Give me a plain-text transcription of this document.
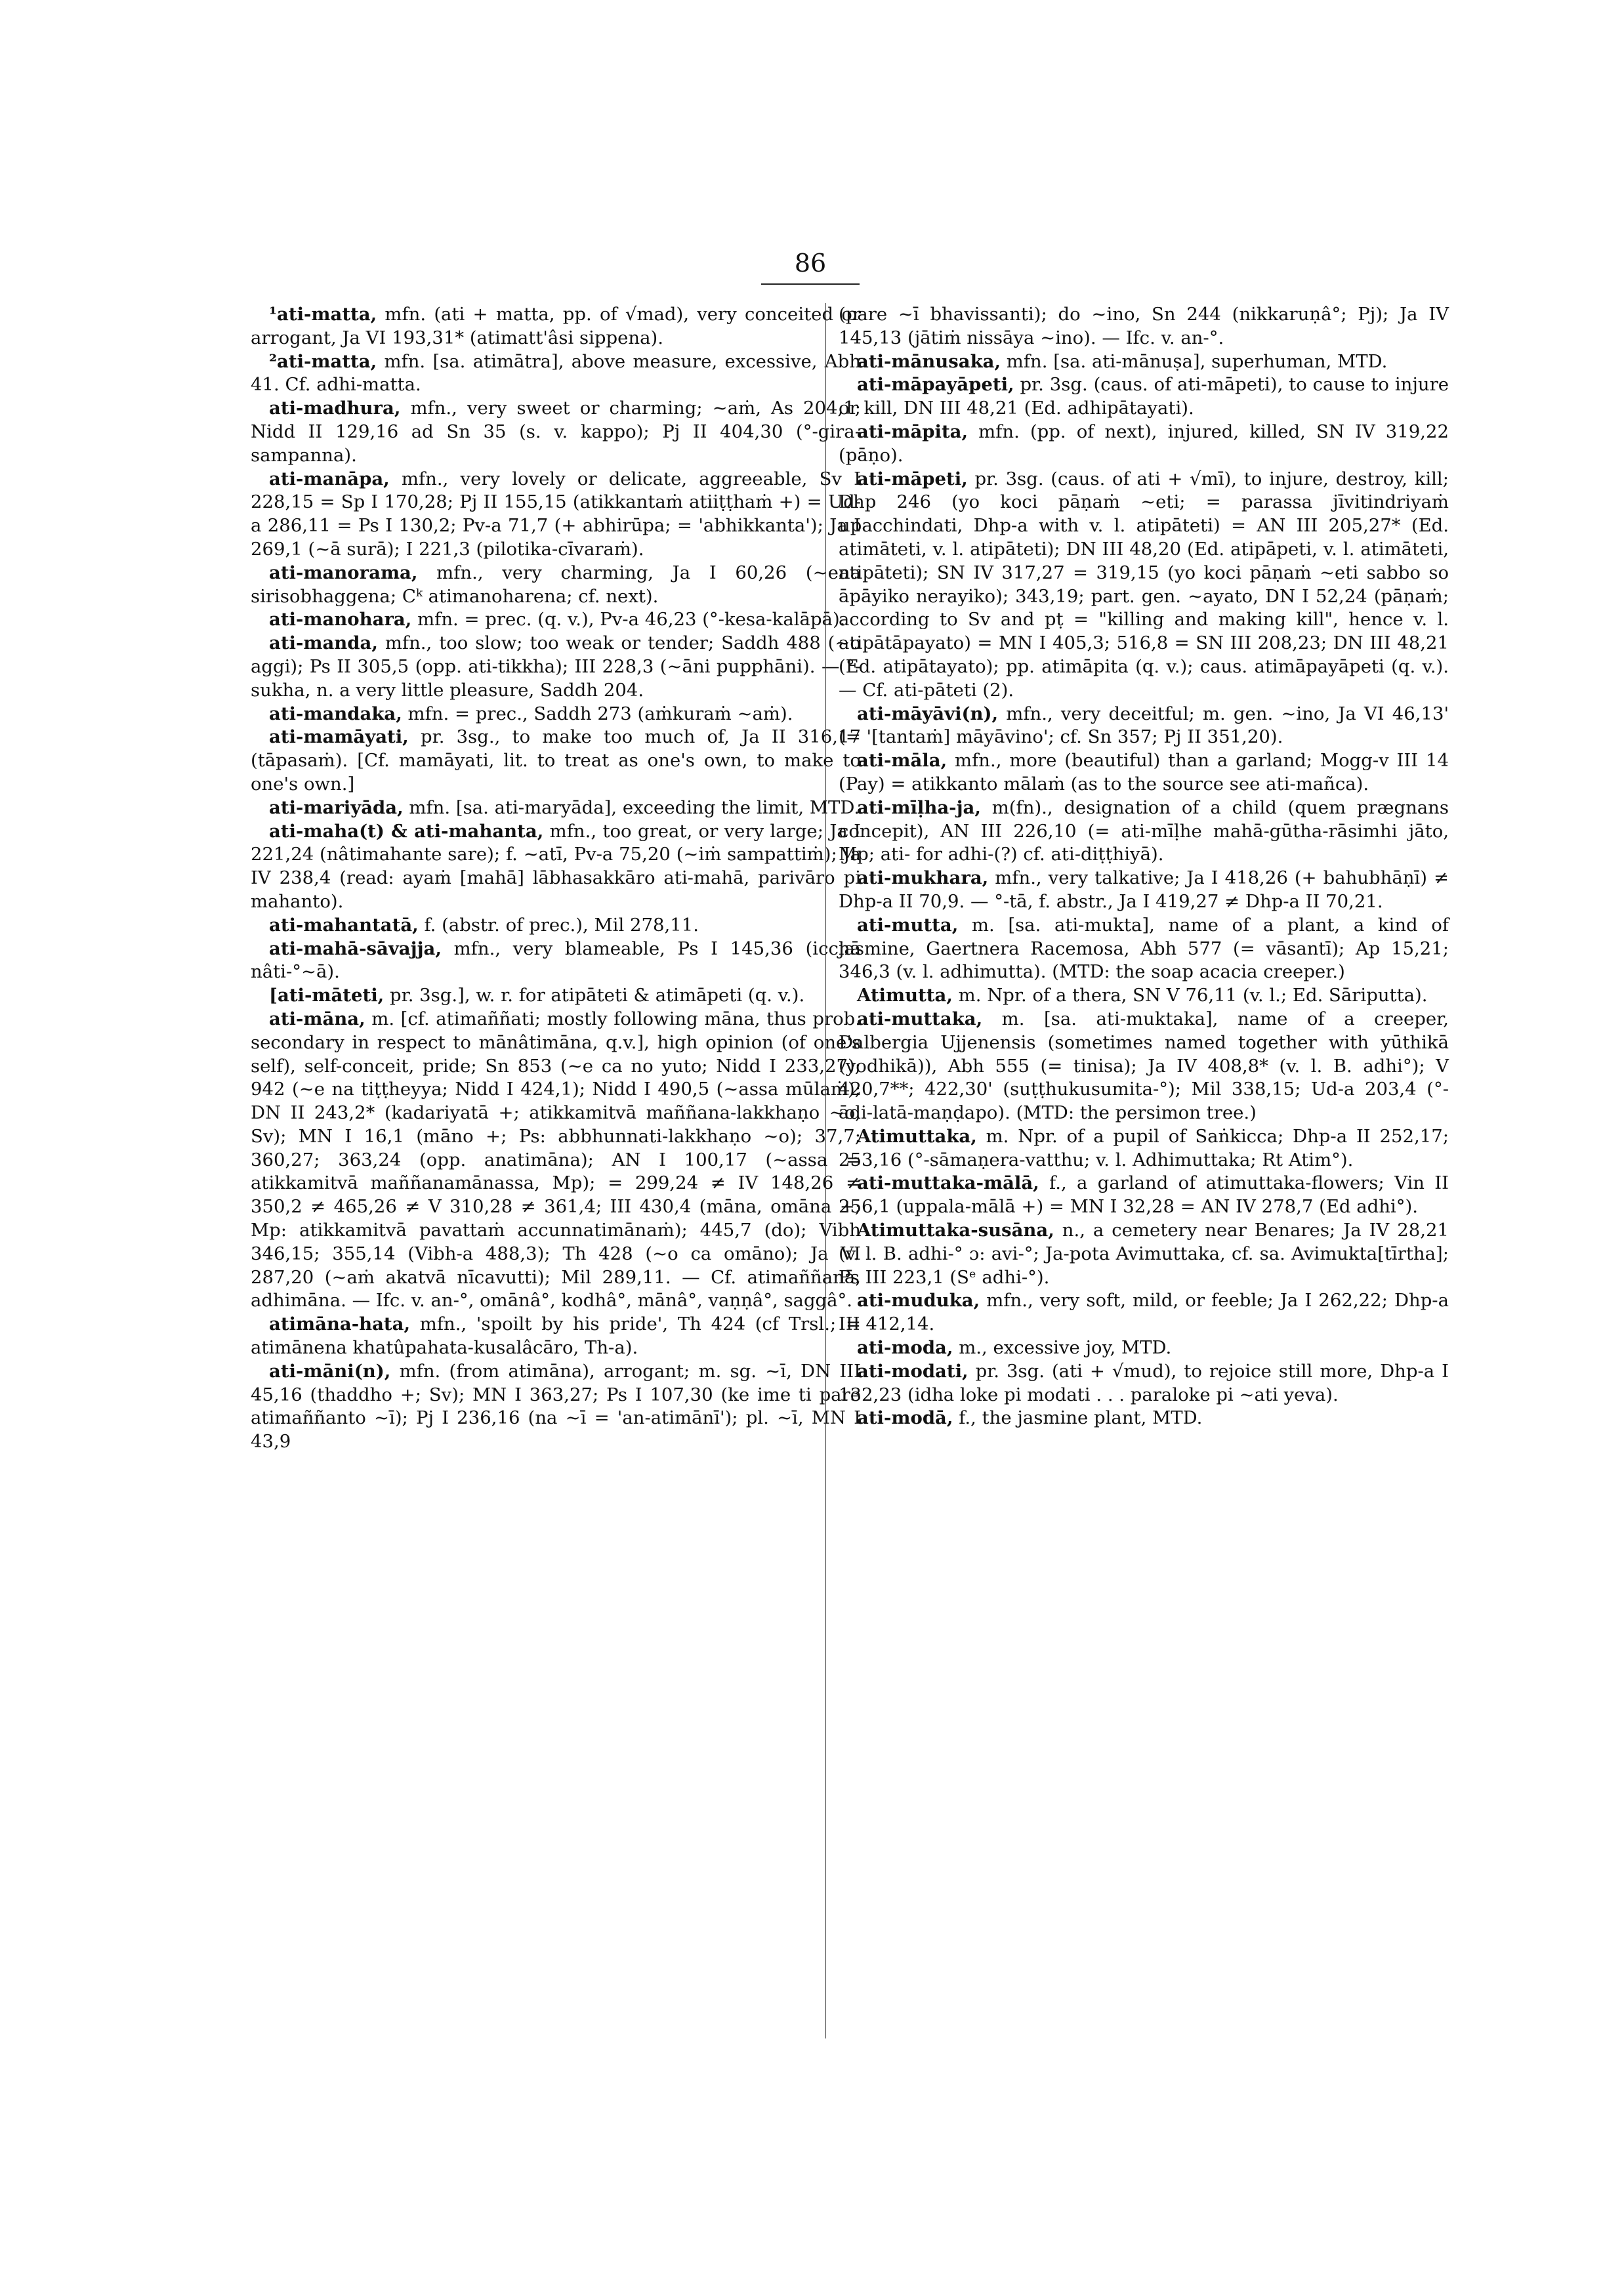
86

¹ati-matta, mfn. (ati + matta, pp. of √mad), very conceited or arrogant, Ja VI 193,31* (atimatt'âsi sippena).

²ati-matta, mfn. [sa. atimātra], above measure, excessive, Abh 41. Cf. adhi-matta.

ati-madhura, mfn., very sweet or charming; ~aṁ, As 204,1; Nidd II 129,16 ad Sn 35 (s. v. kappo); Pj II 404,30 (°-gira-sampanna).

ati-manāpa, mfn., very lovely or delicate, aggreeable, Sv I 228,15 = Sp I 170,28; Pj II 155,15 (atikkantaṁ atiiṭṭhaṁ +) = Ud-a 286,11 = Ps I 130,2; Pv-a 71,7 (+ abhirūpa; = 'abhikkanta'); Ja I 269,1 (~ā surā); I 221,3 (pilotika-cīvaraṁ).

ati-manorama, mfn., very charming, Ja I 60,26 (~ena sirisobhaggena; Cᵏ atimanoharena; cf. next).

ati-manohara, mfn. = prec. (q. v.), Pv-a 46,23 (°-kesa-kalāpā).

ati-manda, mfn., too slow; too weak or tender; Saddh 488 (~o aggi); Ps II 305,5 (opp. ati-tikkha); III 228,3 (~āni pupphāni). — °-sukha, n. a very little pleasure, Saddh 204.

ati-mandaka, mfn. = prec., Saddh 273 (aṁkuraṁ ~aṁ).

ati-mamāyati, pr. 3sg., to make too much of, Ja II 316,17 (tāpasaṁ). [Cf. mamāyati, lit. to treat as one's own, to make to one's own.]

ati-mariyāda, mfn. [sa. ati-maryāda], exceeding the limit, MTD.

ati-maha(t) & ati-mahanta, mfn., too great, or very large; Ja I 221,24 (nâtimahante sare); f. ~atī, Pv-a 75,20 (~iṁ sampattiṁ); Ja IV 238,4 (read: ayaṁ [mahā] lābhasakkāro ati-mahā, parivāro pi mahanto).

ati-mahantatā, f. (abstr. of prec.), Mil 278,11.

ati-mahā-sāvajja, mfn., very blameable, Ps I 145,36 (icchā nâti-°~ā).

[ati-māteti, pr. 3sg.], w. r. for atipāteti & atimāpeti (q. v.).

ati-māna, m. [cf. atimaññati; mostly following māna, thus prob. secondary in respect to mānâtimāna, q.v.], high opinion (of one's self), self-conceit, pride; Sn 853 (~e ca no yuto; Nidd I 233,27); 942 (~e na tiṭṭheyya; Nidd I 424,1); Nidd I 490,5 (~assa mūlaṁ); DN II 243,2* (kadariyatā +; atikkamitvā maññana-lakkhaṇo ~o, Sv); MN I 16,1 (māno +; Ps: abbhunnati-lakkhaṇo ~o); 37,7; 360,27; 363,24 (opp. anatimāna); AN I 100,17 (~assa = atikkamitvā maññanamānassa, Mp); = 299,24 ≠ IV 148,26 ≠ 350,2 ≠ 465,26 ≠ V 310,28 ≠ 361,4; III 430,4 (māna, omāna +; Mp: atikkamitvā pavattaṁ accunnatimānaṁ); 445,7 (do); Vibh 346,15; 355,14 (Vibh-a 488,3); Th 428 (~o ca omāno); Ja VI 287,20 (~aṁ akatvā nīcavutti); Mil 289,11. — Cf. atimaññanā, adhimāna. — Ifc. v. an-°, omānâ°, kodhâ°, mānâ°, vaṇṇâ°, saggâ°.

atimāna-hata, mfn., 'spoilt by his pride', Th 424 (cf Trsl.; = atimānena khatûpahata-kusalâcāro, Th-a).

ati-māni(n), mfn. (from atimāna), arrogant; m. sg. ~ī, DN III 45,16 (thaddho +; Sv); MN I 363,27; Ps I 107,30 (ke ime ti pare atimaññanto ~ī); Pj I 236,16 (na ~ī = 'an-atimānī'); pl. ~ī, MN I 43,9

(pare ~ī bhavissanti); do ~ino, Sn 244 (nikkaruṇâ°; Pj); Ja IV 145,13 (jātiṁ nissāya ~ino). — Ifc. v. an-°.

ati-mānusaka, mfn. [sa. ati-mānuṣa], superhuman, MTD.

ati-māpayāpeti, pr. 3sg. (caus. of ati-māpeti), to cause to injure or kill, DN III 48,21 (Ed. adhipātayati).

ati-māpita, mfn. (pp. of next), injured, killed, SN IV 319,22 (pāṇo).

ati-māpeti, pr. 3sg. (caus. of ati + √mī), to injure, destroy, kill; Dhp 246 (yo koci pāṇaṁ ~eti; = parassa jīvitindriyaṁ upacchindati, Dhp-a with v. l. atipāteti) = AN III 205,27* (Ed. atimāteti, v. l. atipāteti); DN III 48,20 (Ed. atipāpeti, v. l. atimāteti, atipāteti); SN IV 317,27 = 319,15 (yo koci pāṇaṁ ~eti sabbo so āpāyiko nerayiko); 343,19; part. gen. ~ayato, DN I 52,24 (pāṇaṁ; according to Sv and pṭ = "killing and making kill", hence v. l. atipātāpayato) = MN I 405,3; 516,8 = SN III 208,23; DN III 48,21 (Ed. atipātayato); pp. atimāpita (q. v.); caus. atimāpayāpeti (q. v.). — Cf. ati-pāteti (2).

ati-māyāvi(n), mfn., very deceitful; m. gen. ~ino, Ja VI 46,13' (= '[tantaṁ] māyāvino'; cf. Sn 357; Pj II 351,20).

ati-māla, mfn., more (beautiful) than a garland; Mogg-v III 14 (Pay) = atikkanto mālaṁ (as to the source see ati-mañca).

ati-mīḷha-ja, m(fn)., designation of a child (quem prægnans concepit), AN III 226,10 (= ati-mīḷhe mahā-gūtha-rāsimhi jāto, Mp; ati- for adhi-(?) cf. ati-diṭṭhiyā).

ati-mukhara, mfn., very talkative; Ja I 418,26 (+ bahubhāṇī) ≠ Dhp-a II 70,9. — °-tā, f. abstr., Ja I 419,27 ≠ Dhp-a II 70,21.

ati-mutta, m. [sa. ati-mukta], name of a plant, a kind of jasmine, Gaertnera Racemosa, Abh 577 (= vāsantī); Ap 15,21; 346,3 (v. l. adhimutta). (MTD: the soap acacia creeper.)

Atimutta, m. Npr. of a thera, SN V 76,11 (v. l.; Ed. Sāriputta).

ati-muttaka, m. [sa. ati-muktaka], name of a creeper, Dalbergia Ujjenensis (sometimes named together with yūthikā (yodhikā)), Abh 555 (= tinisa); Ja IV 408,8* (v. l. B. adhi°); V 420,7**; 422,30' (suṭṭhukusumita-°); Mil 338,15; Ud-a 203,4 (°-ādi-latā-maṇḍapo). (MTD: the persimon tree.)

Atimuttaka, m. Npr. of a pupil of Saṅkicca; Dhp-a II 252,17; 253,16 (°-sāmaṇera-vatthu; v. l. Adhimuttaka; Rt Atim°).

ati-muttaka-mālā, f., a garland of atimuttaka-flowers; Vin II 256,1 (uppala-mālā +) = MN I 32,28 = AN IV 278,7 (Ed adhi°).

Atimuttaka-susāna, n., a cemetery near Benares; Ja IV 28,21 (v. l. B. adhi-° ɔ: avi-°; Ja-pota Avimuttaka, cf. sa. Avimukta[tīrtha]; Ps III 223,1 (Sᵉ adhi-°).

ati-muduka, mfn., very soft, mild, or feeble; Ja I 262,22; Dhp-a III 412,14.

ati-moda, m., excessive joy, MTD.

ati-modati, pr. 3sg. (ati + √mud), to rejoice still more, Dhp-a I 132,23 (idha loke pi modati . . . paraloke pi ~ati yeva).

ati-modā, f., the jasmine plant, MTD.
